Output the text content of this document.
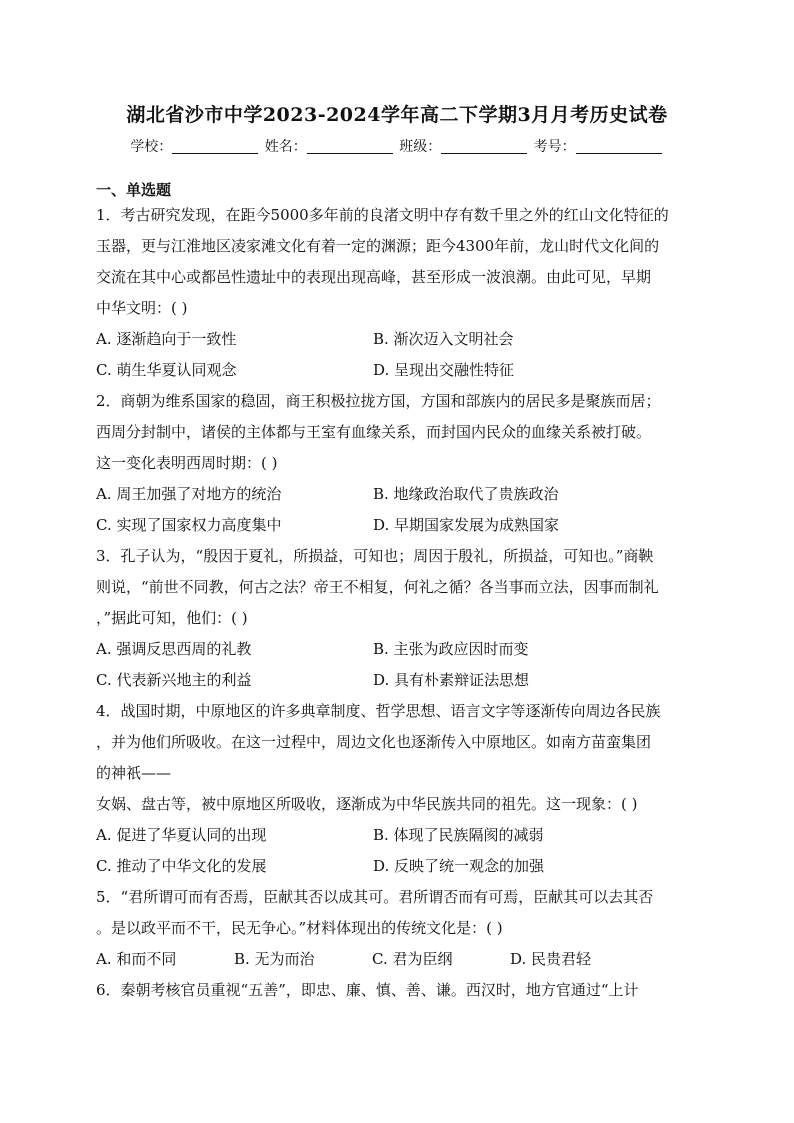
湖北省沙市中学2023-2024学年高二下学期3月月考历史试卷
学校：	姓名：	班级：	考号：
一、单选题
1．考古研究发现，在距今5000多年前的良渚文明中存有数千里之外的红山文化特征的
玉器，更与江淮地区凌家滩文化有着一定的渊源；距今4300年前，龙山时代文化间的
交流在其中心或都邑性遗址中的表现出现高峰，甚至形成一波浪潮。由此可见，早期
中华文明：( )
A. 逐渐趋向于一致性	B. 渐次迈入文明社会
C. 萌生华夏认同观念	D. 呈现出交融性特征
2．商朝为维系国家的稳固，商王积极拉拢方国，方国和部族内的居民多是聚族而居；
西周分封制中，诸侯的主体都与王室有血缘关系，而封国内民众的血缘关系被打破。
这一变化表明西周时期：( )
A. 周王加强了对地方的统治	B. 地缘政治取代了贵族政治
C. 实现了国家权力高度集中	D. 早期国家发展为成熟国家
3．孔子认为，“殷因于夏礼，所损益，可知也；周因于殷礼，所损益，可知也。”商鞅
则说，“前世不同教，何古之法？帝王不相复，何礼之循？各当事而立法，因事而制礼
，”据此可知，他们：( )
A. 强调反思西周的礼教	B. 主张为政应因时而变
C. 代表新兴地主的利益	D. 具有朴素辩证法思想
4．战国时期，中原地区的许多典章制度、哲学思想、语言文字等逐渐传向周边各民族
，并为他们所吸收。在这一过程中，周边文化也逐渐传入中原地区。如南方苗蛮集团
的神祇——
女娲、盘古等，被中原地区所吸收，逐渐成为中华民族共同的祖先。这一现象：( )
A. 促进了华夏认同的出现	B. 体现了民族隔阂的减弱
C. 推动了中华文化的发展	D. 反映了统一观念的加强
5．“君所谓可而有否焉，臣献其否以成其可。君所谓否而有可焉，臣献其可以去其否
。是以政平而不干，民无争心。”材料体现出的传统文化是：( )
A. 和而不同	B. 无为而治	C. 君为臣纲	D. 民贵君轻
6．秦朝考核官员重视“五善”，即忠、廉、慎、善、谦。西汉时，地方官通过“上计
